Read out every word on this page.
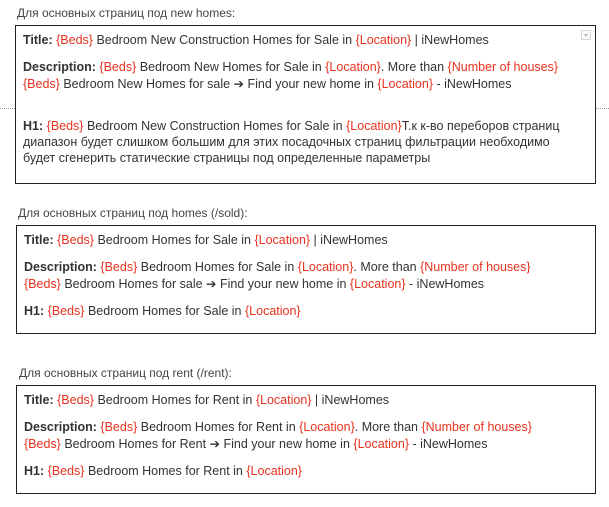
Для основных страниц под new homes:
Title: {Beds} Bedroom New Construction Homes for Sale in {Location} | iNewHomes
Description: {Beds} Bedroom New Homes for Sale in {Location}. More than {Number of houses}
{Beds} Bedroom New Homes for sale ➔ Find your new home in {Location} - iNewHomes
H1: {Beds} Bedroom New Construction Homes for Sale in {Location}Т.к к-во переборов страниц
диапазон будет слишком большим для этих посадочных страниц фильтрации необходимо
будет сгенерить статические страницы под определенные параметры
Для основных страниц под homes (/sold):
Title: {Beds} Bedroom Homes for Sale in {Location} | iNewHomes
Description: {Beds} Bedroom Homes for Sale in {Location}. More than {Number of houses}
{Beds} Bedroom Homes for sale ➔ Find your new home in {Location} - iNewHomes
H1: {Beds} Bedroom Homes for Sale in {Location}
Для основных страниц под rent (/rent):
Title: {Beds} Bedroom Homes for Rent in {Location} | iNewHomes
Description: {Beds} Bedroom Homes for Rent in {Location}. More than {Number of houses}
{Beds} Bedroom Homes for Rent ➔ Find your new home in {Location} - iNewHomes
H1: {Beds} Bedroom Homes for Rent in {Location}
